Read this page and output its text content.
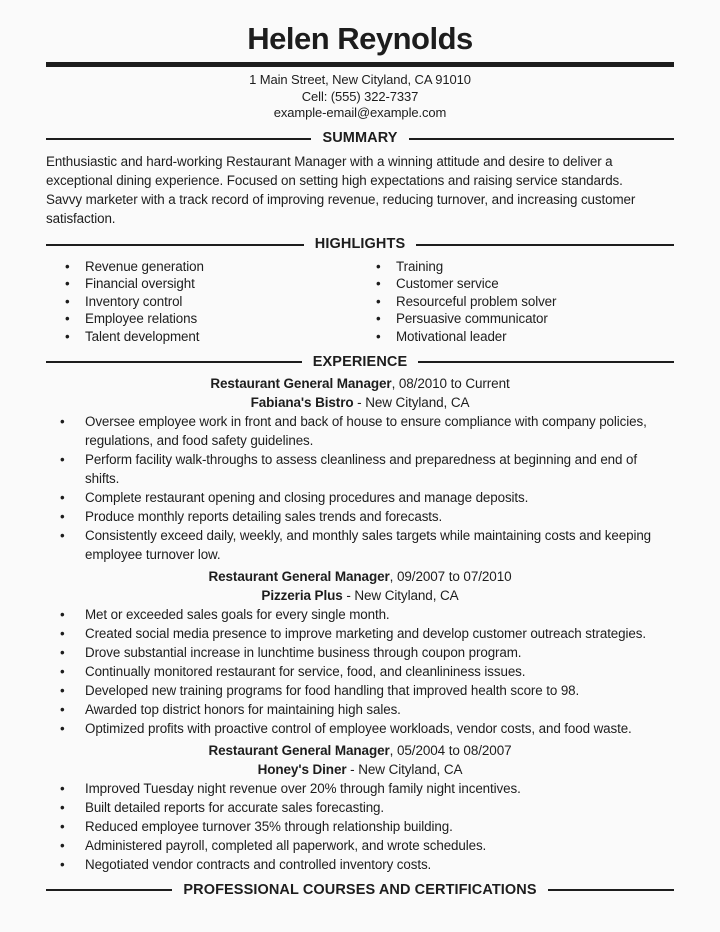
Helen Reynolds
1 Main Street, New Cityland, CA 91010
Cell: (555) 322-7337
example-email@example.com
SUMMARY
Enthusiastic and hard-working Restaurant Manager with a winning attitude and desire to deliver a exceptional dining experience. Focused on setting high expectations and raising service standards. Savvy marketer with a track record of improving revenue, reducing turnover, and increasing customer satisfaction.
HIGHLIGHTS
•
Revenue generation
•
Financial oversight
•
Inventory control
•
Employee relations
•
Talent development
•
Training
•
Customer service
•
Resourceful problem solver
•
Persuasive communicator
•
Motivational leader
EXPERIENCE
Restaurant General Manager, 08/2010 to Current
Fabiana's Bistro - New Cityland, CA
•
Oversee employee work in front and back of house to ensure compliance with company policies, regulations, and food safety guidelines.
•
Perform facility walk-throughs to assess cleanliness and preparedness at beginning and end of shifts.
•
Complete restaurant opening and closing procedures and manage deposits.
•
Produce monthly reports detailing sales trends and forecasts.
•
Consistently exceed daily, weekly, and monthly sales targets while maintaining costs and keeping employee turnover low.
Restaurant General Manager, 09/2007 to 07/2010
Pizzeria Plus - New Cityland, CA
•
Met or exceeded sales goals for every single month.
•
Created social media presence to improve marketing and develop customer outreach strategies.
•
Drove substantial increase in lunchtime business through coupon program.
•
Continually monitored restaurant for service, food, and cleanlininess issues.
•
Developed new training programs for food handling that improved health score to 98.
•
Awarded top district honors for maintaining high sales.
•
Optimized profits with proactive control of employee workloads, vendor costs, and food waste.
Restaurant General Manager, 05/2004 to 08/2007
Honey's Diner - New Cityland, CA
•
Improved Tuesday night revenue over 20% through family night incentives.
•
Built detailed reports for accurate sales forecasting.
•
Reduced employee turnover 35% through relationship building.
•
Administered payroll, completed all paperwork, and wrote schedules.
•
Negotiated vendor contracts and controlled inventory costs.
PROFESSIONAL COURSES AND CERTIFICATIONS
